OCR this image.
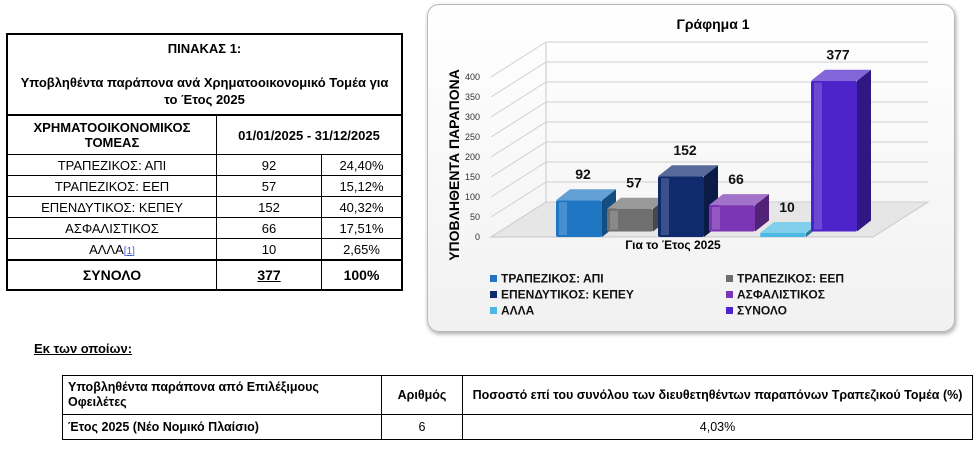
ΠΙΝΑΚΑΣ 1:
Υποβληθέντα παράπονα ανά Χρηματοοικονομικό Τομέα για το Έτος 2025		
ΧΡΗΜΑΤΟΟΙΚΟΝΟΜΙΚΟΣ ΤΟΜΕΑΣ	01/01/2025 - 31/12/2025	
ΤΡΑΠΕΖΙΚΟΣ: ΑΠΙ	92	24,40%
ΤΡΑΠΕΖΙΚΟΣ: ΕΕΠ	57	15,12%
ΕΠΕΝΔΥΤΙΚΟΣ: ΚΕΠΕΥ	152	40,32%
ΑΣΦΑΛΙΣΤΙΚΟΣ	66	17,51%
ΑΛΛΑ[1]	10	2,65%
ΣΥΝΟΛΟ	377	100%
Γράφημα 1
ΥΠΟΒΛΗΘΕΝΤΑ ΠΑΡΑΠΟΝΑ	Για το Έτος 2025
0
50
100
150
200
250
300
350
400
92
57
152
66
10
377
ΤΡΑΠΕΖΙΚΟΣ: ΑΠΙ	ΤΡΑΠΕΖΙΚΟΣ: ΕΕΠ
ΕΠΕΝΔΥΤΙΚΟΣ: ΚΕΠΕΥ	ΑΣΦΑΛΙΣΤΙΚΟΣ
ΑΛΛΑ	ΣΥΝΟΛΟ
Εκ των οποίων:
Υποβληθέντα παράπονα από Επιλέξιμους Οφειλέτες	Αριθμός	Ποσοστό επί του συνόλου των διευθετηθέντων παραπόνων Τραπεζικού Τομέα (%)
Έτος 2025 (Νέο Νομικό Πλαίσιο)	6	4,03%
